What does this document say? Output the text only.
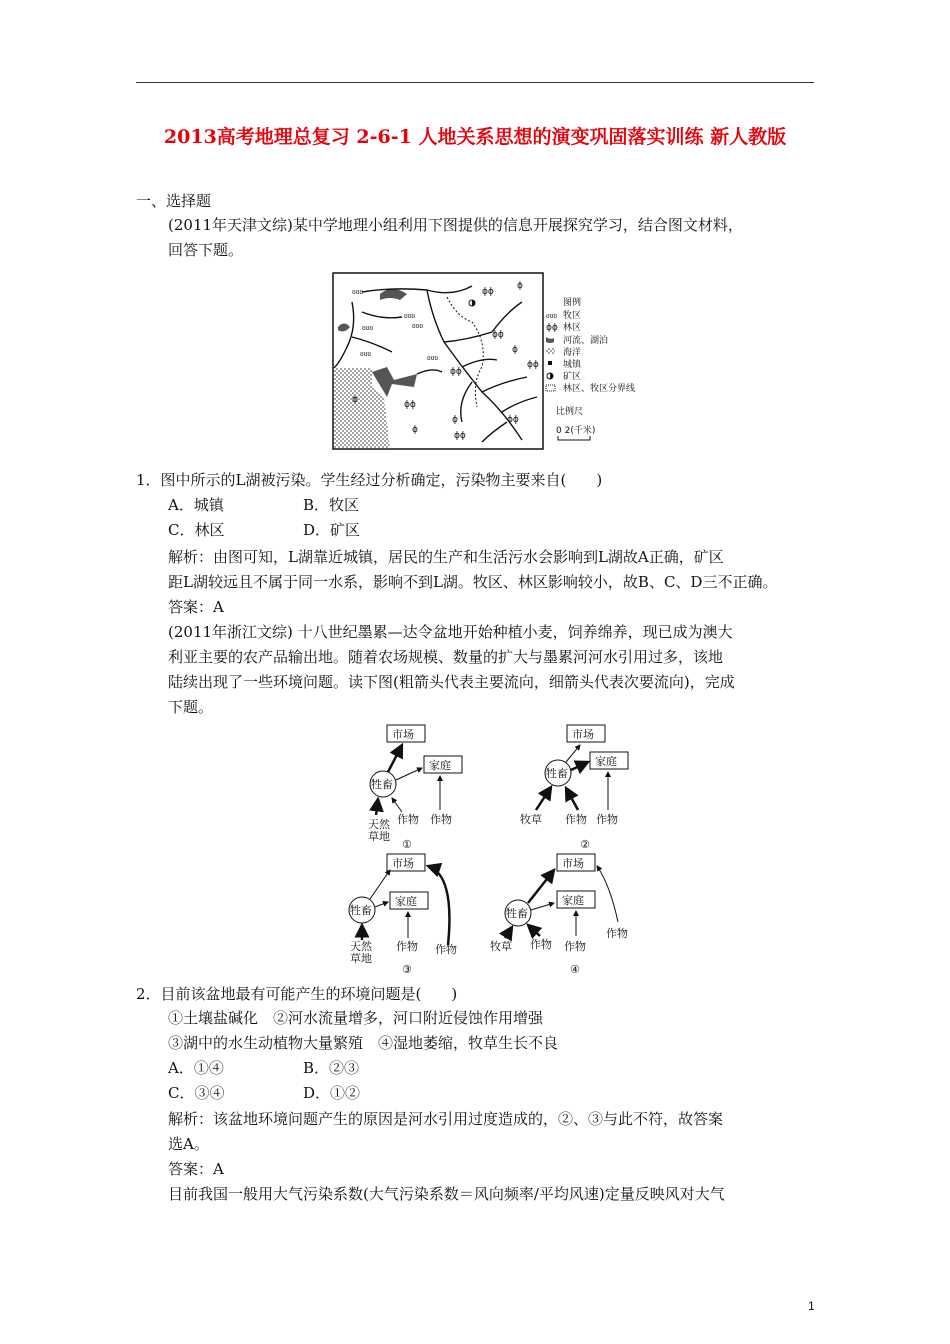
2013高考地理总复习 2-6-1 人地关系思想的演变巩固落实训练 新人教版
一、选择题
(2011年天津文综)某中学地理小组利用下图提供的信息开展探究学习，结合图文材料，
回答下题。
ʊʊʊ
ʊʊʊ
ʊʊʊ
ʊʊʊ
ʊʊʊ
ʊʊʊ
ϕϕ
ϕ
ϕϕ
ϕ
ϕϕ
ϕϕ
ϕϕ
ϕ	ϕϕ
ϕ
ϕϕ
ϕ
图例
ʊʊʊ 牧区
ϕϕ 林区
河流、湖泊
海洋
城镇
矿区
林区、牧区分界线
比例尺
0 2(千米)
1．图中所示的L湖被污染。学生经过分析确定，污染物主要来自(　　)
A．城镇	B．牧区
C．林区	D．矿区
解析：由图可知，L湖靠近城镇，居民的生产和生活污水会影响到L湖故A正确，矿区
距L湖较远且不属于同一水系，影响不到L湖。牧区、林区影响较小，故B、C、D三不正确。
答案：A
(2011年浙江文综) 十八世纪墨累—达令盆地开始种植小麦，饲养绵养，现已成为澳大
利亚主要的农产品输出地。随着农场规模、数量的扩大与墨累河河水引用过多，该地
陆续出现了一些环境问题。读下图(粗箭头代表主要流向，细箭头代表次要流向)，完成
下题。
市场
家庭
牲畜
天然
草地
作物 作物
①
市场
家庭
牲畜
牧草 作物 作物
②
市场
家庭
牲畜
天然
草地
作物 作物
③
市场
家庭
牲畜
牧草 作物 作物
作物
④
2．目前该盆地最有可能产生的环境问题是(　　)
①土壤盐碱化　②河水流量增多，河口附近侵蚀作用增强
③湖中的水生动植物大量繁殖　④湿地萎缩，牧草生长不良
A．①④	B．②③
C．③④	D．①②
解析：该盆地环境问题产生的原因是河水引用过度造成的，②、③与此不符，故答案
选A。
答案：A
目前我国一般用大气污染系数(大气污染系数＝风向频率/平均风速)定量反映风对大气
1
